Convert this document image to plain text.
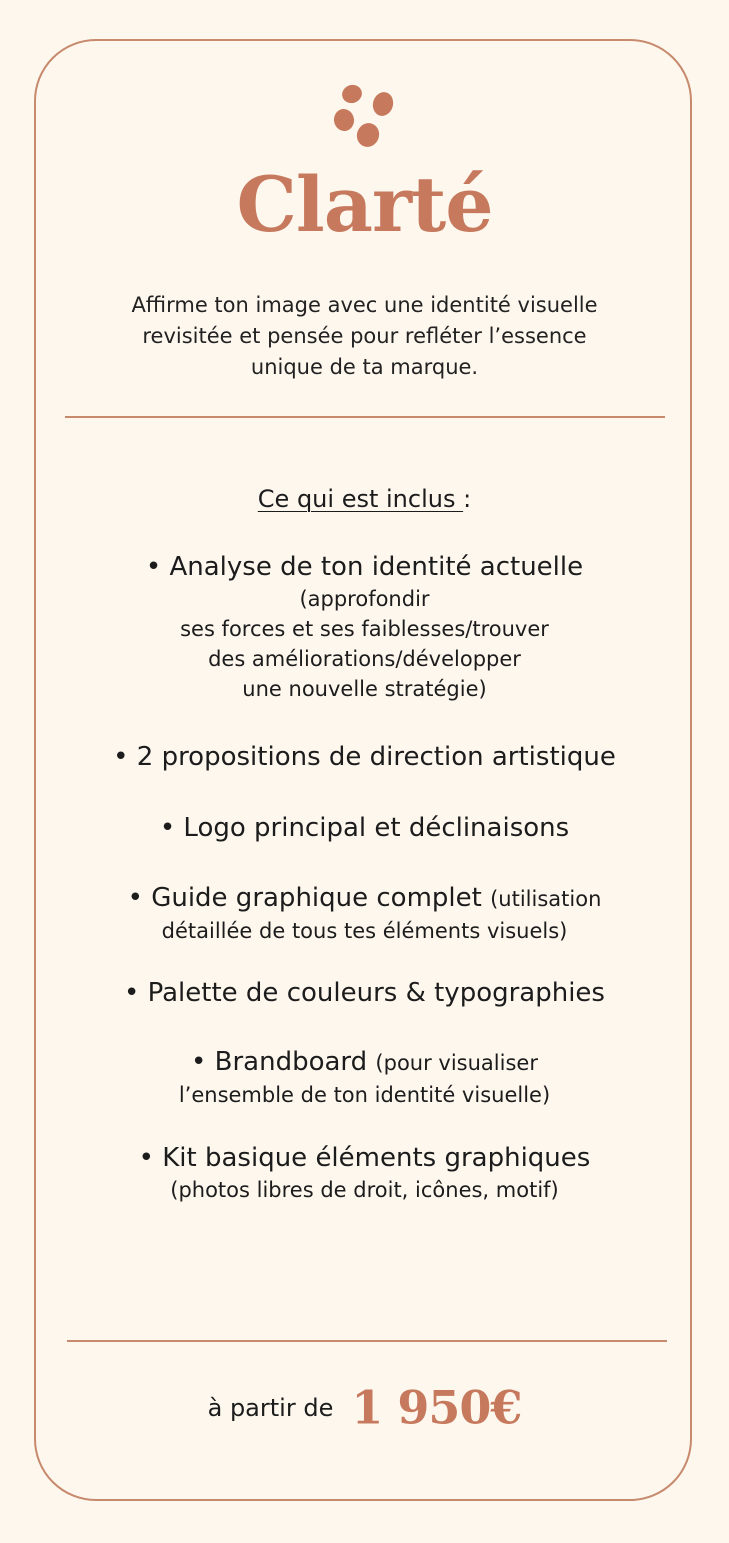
Clarté
Affirme ton image avec une identité visuelle
revisitée et pensée pour refléter l’essence
unique de ta marque.
Ce qui est inclus :
• Analyse de ton identité actuelle
(approfondir
ses forces et ses faiblesses/trouver
des améliorations/développer
une nouvelle stratégie)
• 2 propositions de direction artistique
• Logo principal et déclinaisons
• Guide graphique complet (utilisation
détaillée de tous tes éléments visuels)
• Palette de couleurs & typographies
• Brandboard (pour visualiser
l’ensemble de ton identité visuelle)
• Kit basique éléments graphiques
(photos libres de droit, icônes, motif)
à partir de 1 950€
